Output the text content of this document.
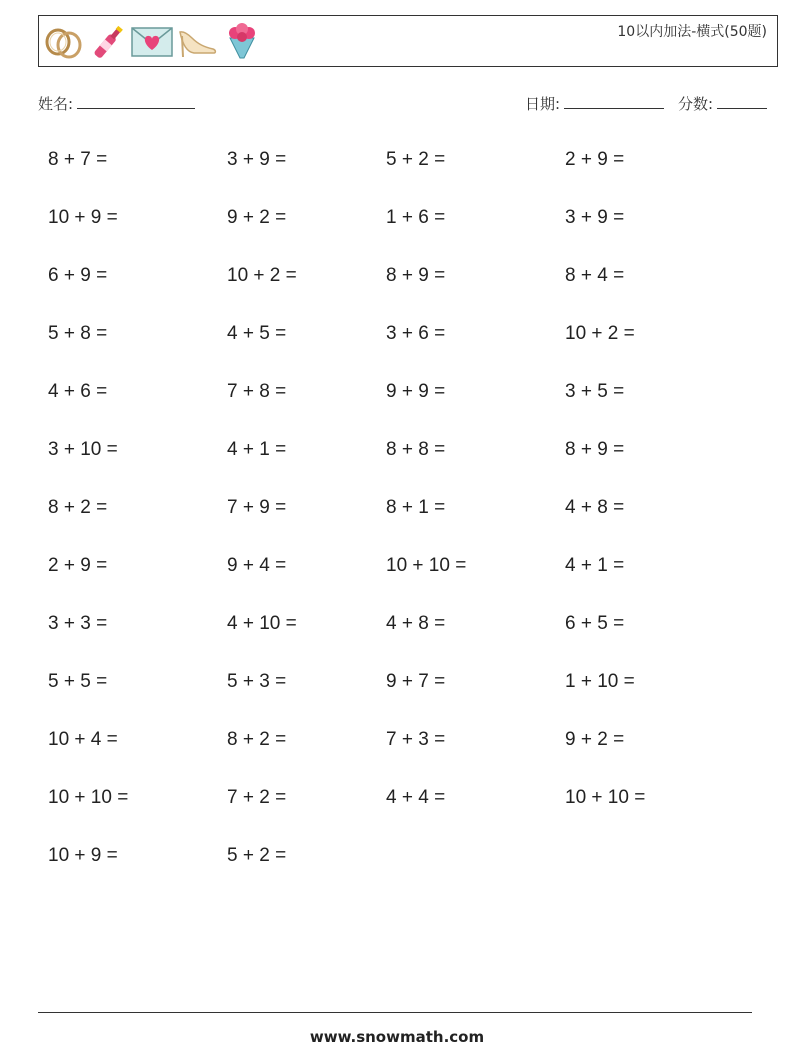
10以内加法-横式(50题)
姓名:	日期:	分数:
8 + 7 =	3 + 9 =	5 + 2 =	2 + 9 =
10 + 9 =	9 + 2 =	1 + 6 =	3 + 9 =
6 + 9 =	10 + 2 =	8 + 9 =	8 + 4 =
5 + 8 =	4 + 5 =	3 + 6 =	10 + 2 =
4 + 6 =	7 + 8 =	9 + 9 =	3 + 5 =
3 + 10 =	4 + 1 =	8 + 8 =	8 + 9 =
8 + 2 =	7 + 9 =	8 + 1 =	4 + 8 =
2 + 9 =	9 + 4 =	10 + 10 =	4 + 1 =
3 + 3 =	4 + 10 =	4 + 8 =	6 + 5 =
5 + 5 =	5 + 3 =	9 + 7 =	1 + 10 =
10 + 4 =	8 + 2 =	7 + 3 =	9 + 2 =
10 + 10 =	7 + 2 =	4 + 4 =	10 + 10 =
10 + 9 =	5 + 2 =
www.snowmath.com
